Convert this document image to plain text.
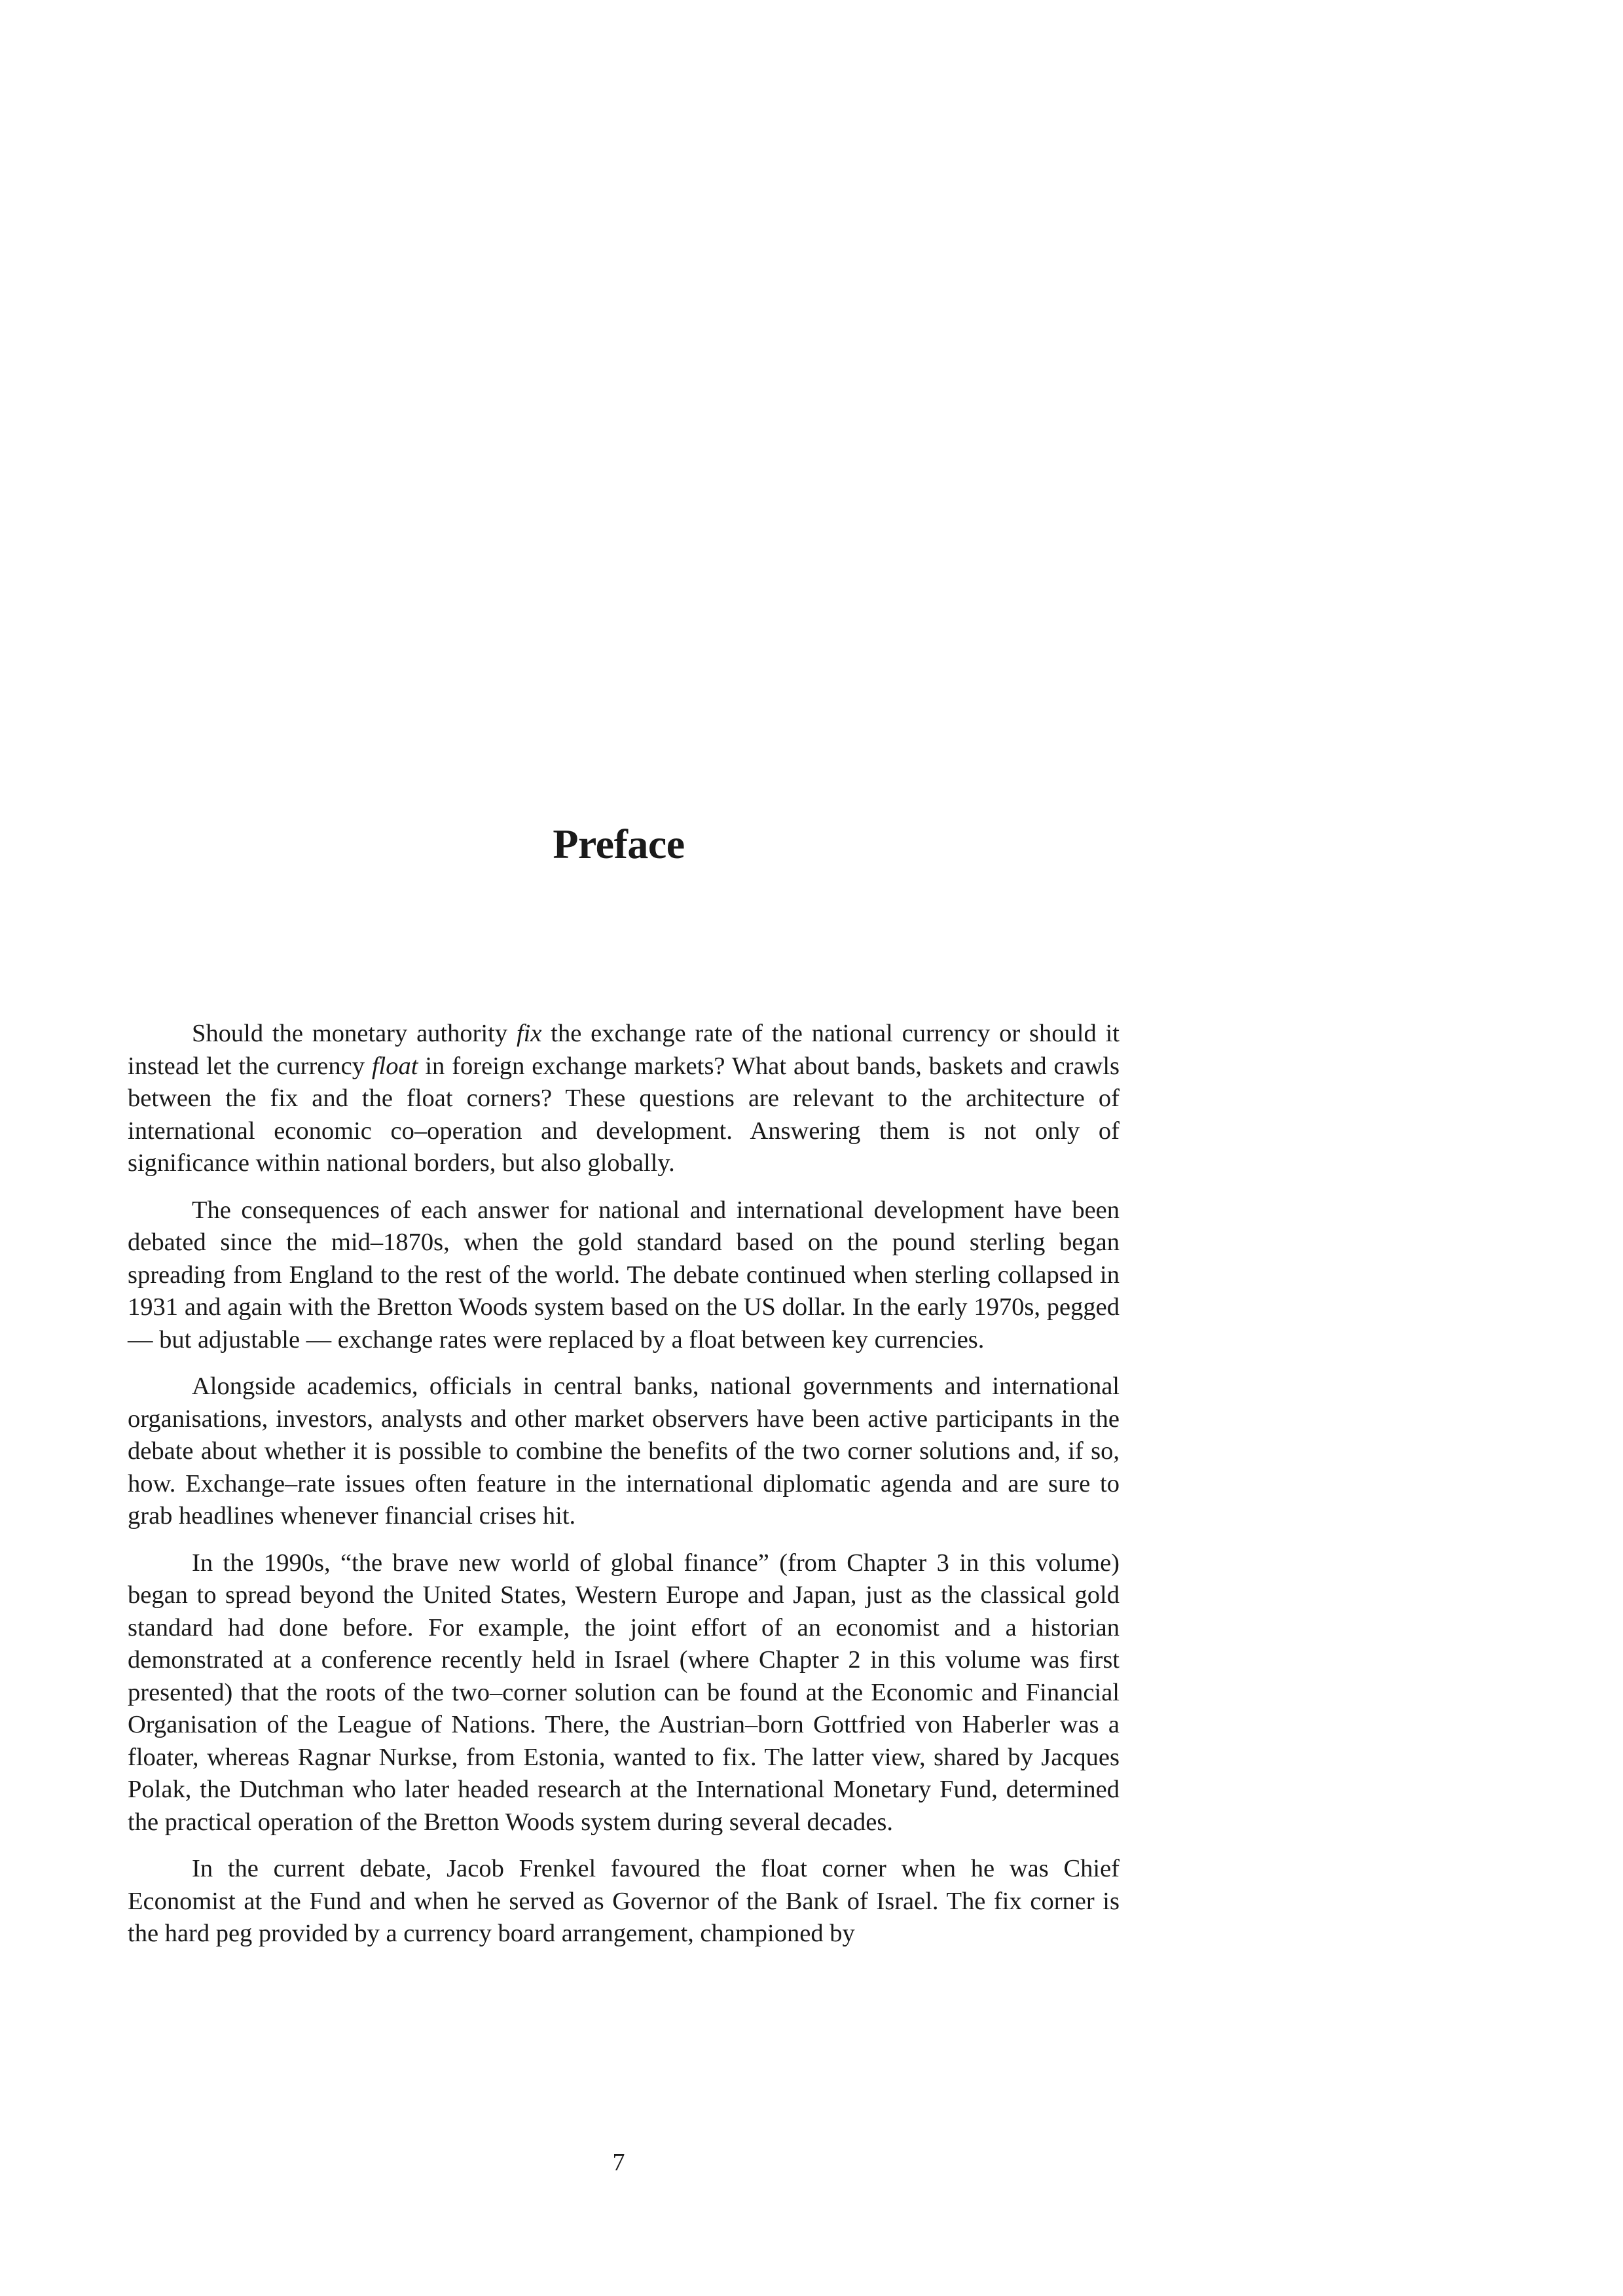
Preface

Should the monetary authority fix the exchange rate of the national currency or should it instead let the currency float in foreign exchange markets? What about bands, baskets and crawls between the fix and the float corners? These questions are relevant to the architecture of international economic co–operation and development. Answering them is not only of significance within national borders, but also globally.

The consequences of each answer for national and international development have been debated since the mid–1870s, when the gold standard based on the pound sterling began spreading from England to the rest of the world. The debate continued when sterling collapsed in 1931 and again with the Bretton Woods system based on the US dollar. In the early 1970s, pegged — but adjustable — exchange rates were replaced by a float between key currencies.

Alongside academics, officials in central banks, national governments and international organisations, investors, analysts and other market observers have been active participants in the debate about whether it is possible to combine the benefits of the two corner solutions and, if so, how. Exchange–rate issues often feature in the international diplomatic agenda and are sure to grab headlines whenever financial crises hit.

In the 1990s, “the brave new world of global finance” (from Chapter 3 in this volume) began to spread beyond the United States, Western Europe and Japan, just as the classical gold standard had done before. For example, the joint effort of an economist and a historian demonstrated at a conference recently held in Israel (where Chapter 2 in this volume was first presented) that the roots of the two–corner solution can be found at the Economic and Financial Organisation of the League of Nations. There, the Austrian–born Gottfried von Haberler was a floater, whereas Ragnar Nurkse, from Estonia, wanted to fix. The latter view, shared by Jacques Polak, the Dutchman who later headed research at the International Monetary Fund, determined the practical operation of the Bretton Woods system during several decades.

In the current debate, Jacob Frenkel favoured the float corner when he was Chief Economist at the Fund and when he served as Governor of the Bank of Israel. The fix corner is the hard peg provided by a currency board arrangement, championed by

7
